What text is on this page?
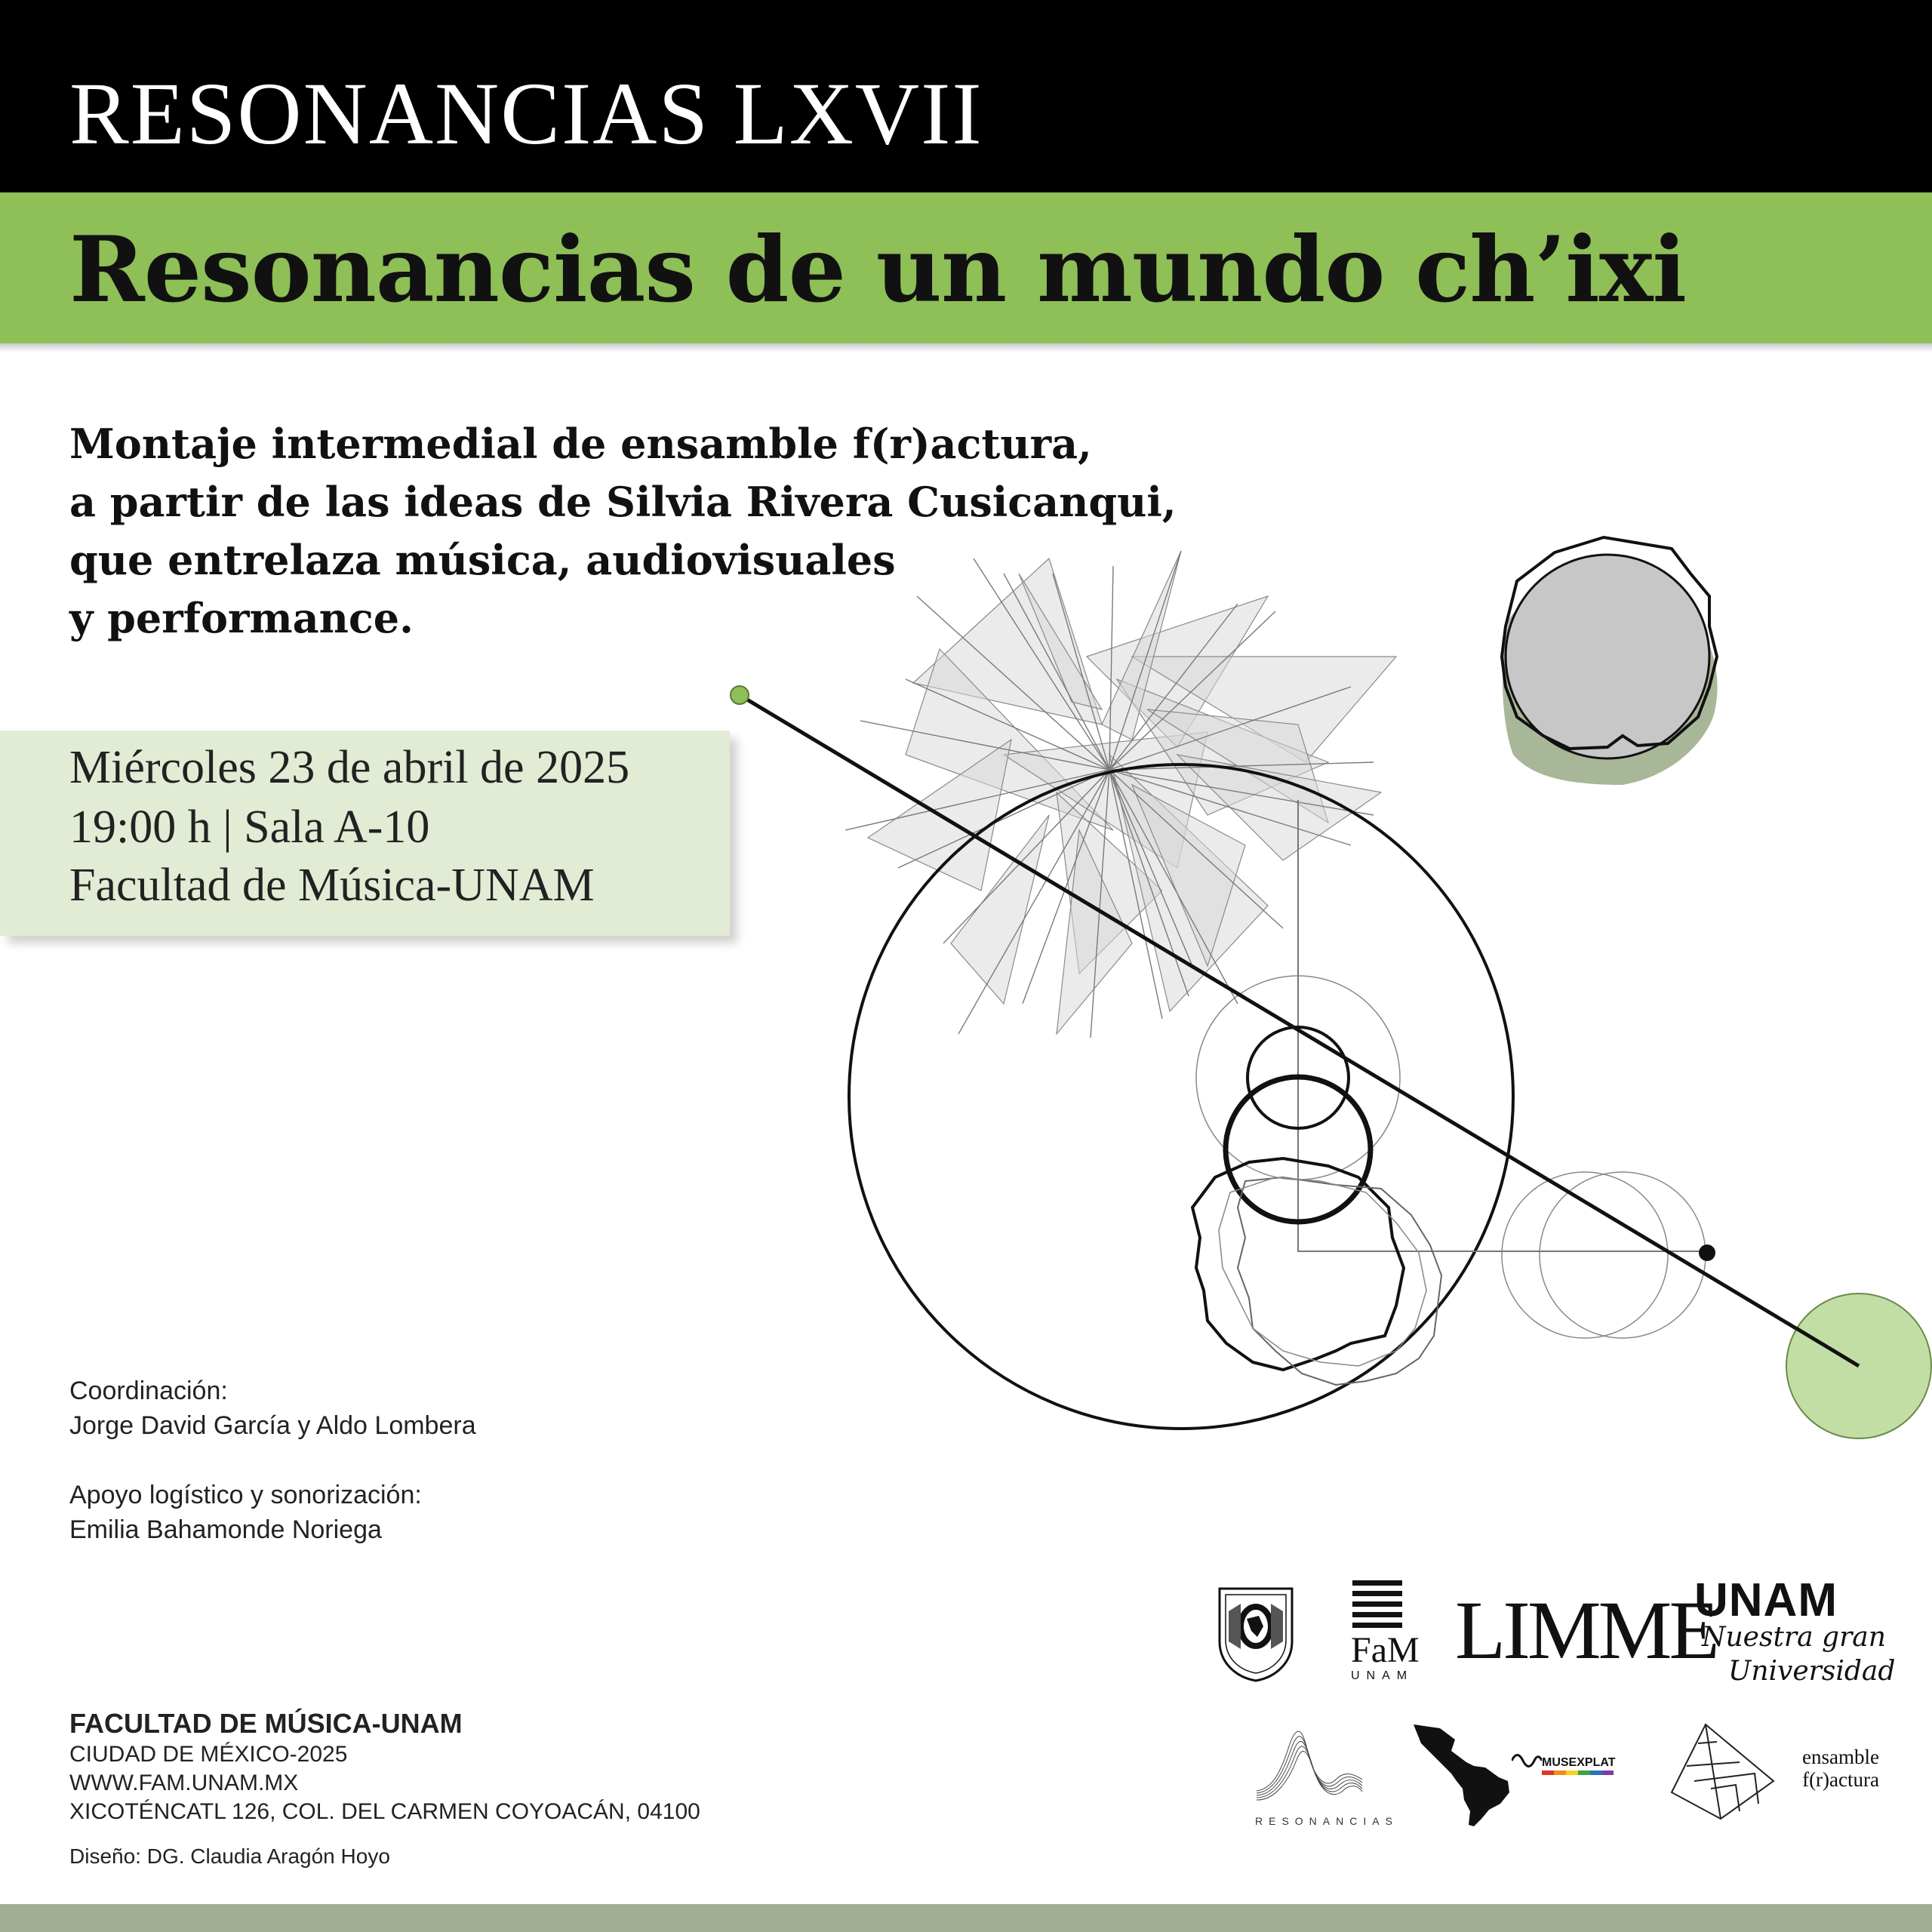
RESONANCIAS LXVII
Resonancias de un mundo ch’ixi
Montaje intermedial de ensamble f(r)actura,
a partir de las ideas de Silvia Rivera Cusicanqui,
que entrelaza música, audiovisuales
y performance.
Miércoles 23 de abril de 2025
19:00 h | Sala A-10
Facultad de Música-UNAM
Coordinación:
Jorge David García y Aldo Lombera
Apoyo logístico y sonorización:
Emilia Bahamonde Noriega
FACULTAD DE MÚSICA-UNAM
CIUDAD DE MÉXICO-2025
WWW.FAM.UNAM.MX
XICOTÉNCATL 126, COL. DEL CARMEN COYOACÁN, 04100
Diseño: DG. Claudia Aragón Hoyo
FaM
UNAM LIMME
UNAM
Nuestra gran
Universidad
RESONANCIAS
MUSEXPLAT	ensamble
f(r)actura
